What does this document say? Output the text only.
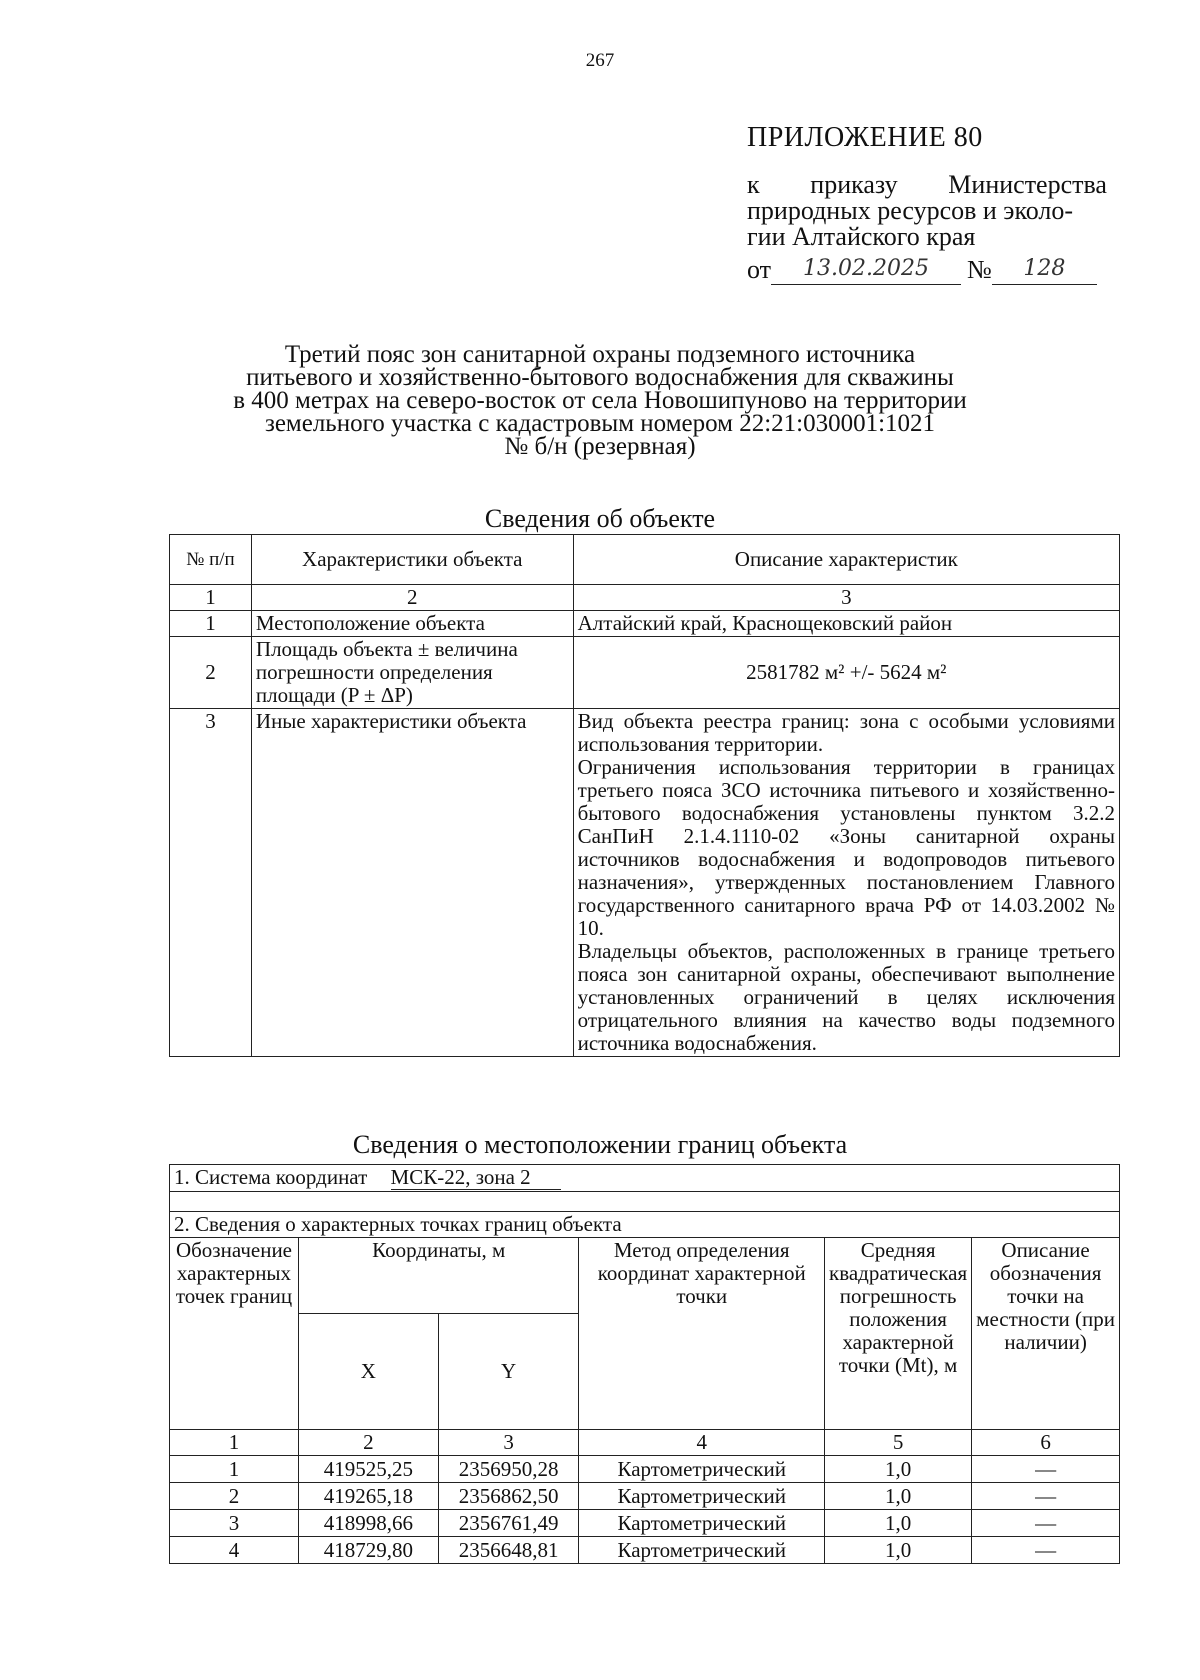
267
ПРИЛОЖЕНИЕ 80
к приказу Министерства
природных ресурсов и эколо-
гии Алтайского края
от	13.02.2025	№	128
Третий пояс зон санитарной охраны подземного источника
питьевого и хозяйственно-бытового водоснабжения для скважины
в 400 метрах на северо-восток от села Новошипуново на территории
земельного участка с кадастровым номером 22:21:030001:1021
№ б/н (резервная)
Сведения об объекте
№ п/п	Характеристики объекта	Описание характеристик
1	2	3
1	Местоположение объекта	Алтайский край, Краснощековский район
2	Площадь объекта ± величина погрешности определения площади (P ± ΔP)	2581782 м² +/- 5624 м²
3	Иные характеристики объекта	Вид объекта реестра границ: зона с особыми условиями использования территории.
Ограничения использования территории в границах третьего пояса ЗСО источника питьевого и хозяйственно-бытового водоснабжения установлены пунктом 3.2.2 СанПиН 2.1.4.1110-02 «Зоны санитарной охраны источников водоснабжения и водопроводов питьевого назначения», утвержденных постановлением Главного государственного санитарного врача РФ от 14.03.2002 № 10.
Владельцы объектов, расположенных в границе третьего пояса зон санитарной охраны, обеспечивают выполнение установленных ограничений в целях исключения отрицательного влияния на качество воды подземного источника водоснабжения.
Сведения о местоположении границ объекта
1. Система координат МСК-22, зона 2					

2. Сведения о характерных точках границ объекта					
Обозначение характерных точек границ	Координаты, м		Метод определения координат характерной точки	Средняя квадратическая погрешность положения характерной точки (Mt), м	Описание обозначения точки на местности (при наличии)
	X	Y			
1	2	3	4	5	6
1	419525,25	2356950,28	Картометрический	1,0	—
2	419265,18	2356862,50	Картометрический	1,0	—
3	418998,66	2356761,49	Картометрический	1,0	—
4	418729,80	2356648,81	Картометрический	1,0	—
